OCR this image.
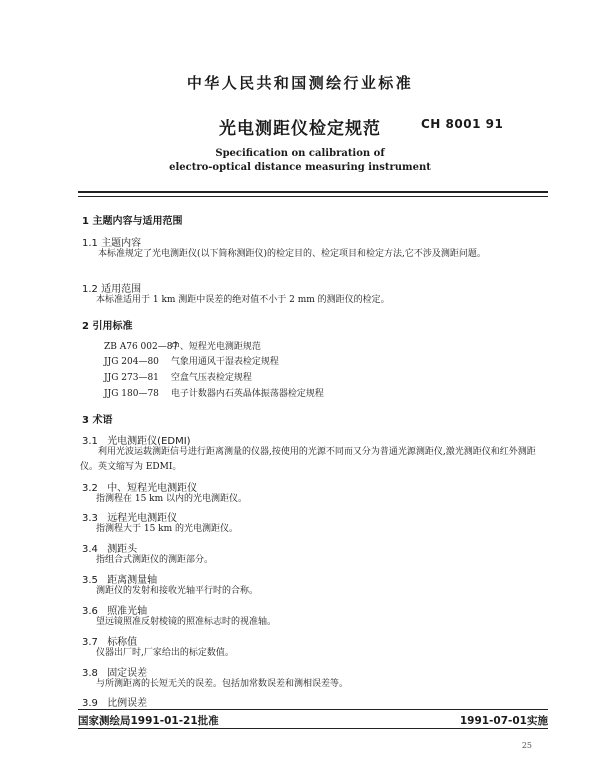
中华人民共和国测绘行业标准
光电测距仪检定规范	CH 8001 91
Specification on calibration of
electro-optical distance measuring instrument
1 主题内容与适用范围
1.1 主题内容
本标准规定了光电测距仪(以下简称测距仪)的检定目的、检定项目和检定方法,它不涉及测距问题。
1.2 适用范围
本标准适用于 1 km 测距中误差的绝对值不小于 2 mm 的测距仪的检定。
2 引用标准
ZB A76 002—87 中、短程光电测距规范
JJG 204—80 气象用通风干湿表检定规程
JJG 273—81 空盒气压表检定规程
JJG 180—78 电子计数器内石英晶体振荡器检定规程
3 术语
3.1 光电测距仪(EDMI)
利用光波运载测距信号进行距离测量的仪器,按使用的光源不同而又分为普通光源测距仪,激光测距仪和红外测距仪。英文缩写为 EDMI。
3.2 中、短程光电测距仪
指测程在 15 km 以内的光电测距仪。
3.3 远程光电测距仪
指测程大于 15 km 的光电测距仪。
3.4 测距头
指组合式测距仪的测距部分。
3.5 距离测量轴
测距仪的发射和接收光轴平行时的合称。
3.6 照准光轴
望远镜照准反射棱镜的照准标志时的视准轴。
3.7 标称值
仪器出厂时,厂家给出的标定数值。
3.8 固定误差
与所测距离的长短无关的误差。包括加常数误差和测相误差等。
3.9 比例误差
国家测绘局1991-01-21批准	1991-07-01实施
25
